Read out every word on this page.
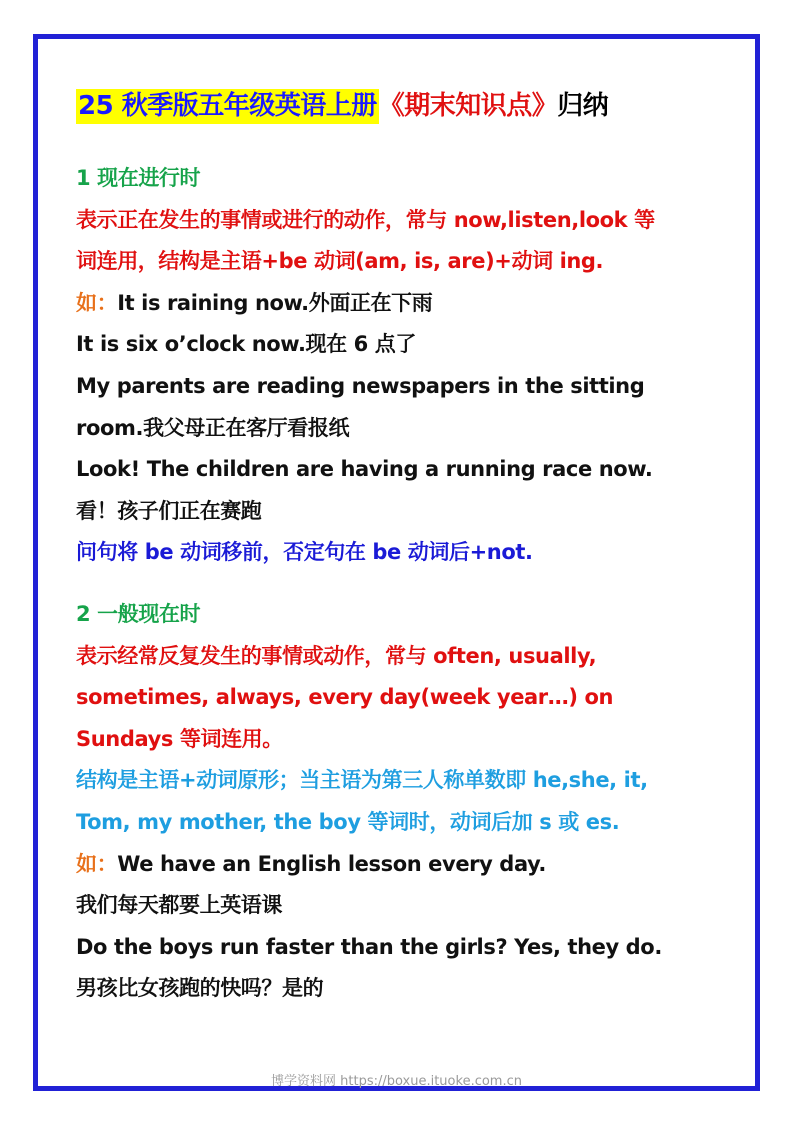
25 秋季版五年级英语上册《期末知识点》归纳
1 现在进行时
表示正在发生的事情或进行的动作，常与 now,listen,look 等
词连用，结构是主语+be 动词(am, is, are)+动词 ing.
如：It is raining now.外面正在下雨
It is six o’clock now.现在 6 点了
My parents are reading newspapers in the sitting
room.我父母正在客厅看报纸
Look! The children are having a running race now.
看！孩子们正在赛跑
问句将 be 动词移前，否定句在 be 动词后+not.
2 一般现在时
表示经常反复发生的事情或动作，常与 often, usually,
sometimes, always, every day(week year…) on
Sundays 等词连用。
结构是主语+动词原形；当主语为第三人称单数即 he,she, it,
Tom, my mother, the boy 等词时，动词后加 s 或 es.
如：We have an English lesson every day.
我们每天都要上英语课
Do the boys run faster than the girls? Yes, they do.
男孩比女孩跑的快吗？是的
博学资料网 https://boxue.ituoke.com.cn
